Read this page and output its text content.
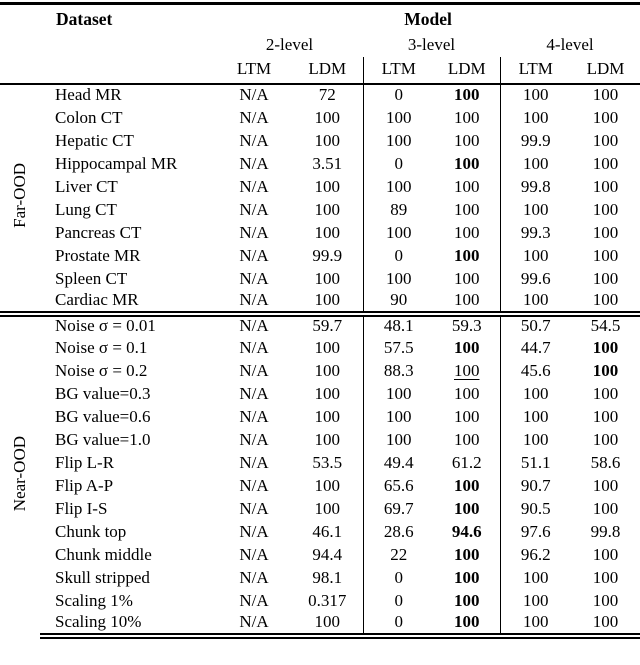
Dataset		Model					
		2-level		3-level		4-level	
		LTM	LDM	LTM	LDM	LTM	LDM
Far-OOD	Head MR	N/A	72	0	100	100	100
	Colon CT	N/A	100	100	100	100	100
	Hepatic CT	N/A	100	100	100	99.9	100
	Hippocampal MR	N/A	3.51	0	100	100	100
	Liver CT	N/A	100	100	100	99.8	100
	Lung CT	N/A	100	89	100	100	100
	Pancreas CT	N/A	100	100	100	99.3	100
	Prostate MR	N/A	99.9	0	100	100	100
	Spleen CT	N/A	100	100	100	99.6	100
	Cardiac MR	N/A	100	90	100	100	100
Near-OOD	Noise σ = 0.01	N/A	59.7	48.1	59.3	50.7	54.5
	Noise σ = 0.1	N/A	100	57.5	100	44.7	100
	Noise σ = 0.2	N/A	100	88.3	100	45.6	100
	BG value=0.3	N/A	100	100	100	100	100
	BG value=0.6	N/A	100	100	100	100	100
	BG value=1.0	N/A	100	100	100	100	100
	Flip L-R	N/A	53.5	49.4	61.2	51.1	58.6
	Flip A-P	N/A	100	65.6	100	90.7	100
	Flip I-S	N/A	100	69.7	100	90.5	100
	Chunk top	N/A	46.1	28.6	94.6	97.6	99.8
	Chunk middle	N/A	94.4	22	100	96.2	100
	Skull stripped	N/A	98.1	0	100	100	100
	Scaling 1%	N/A	0.317	0	100	100	100
	Scaling 10%	N/A	100	0	100	100	100
